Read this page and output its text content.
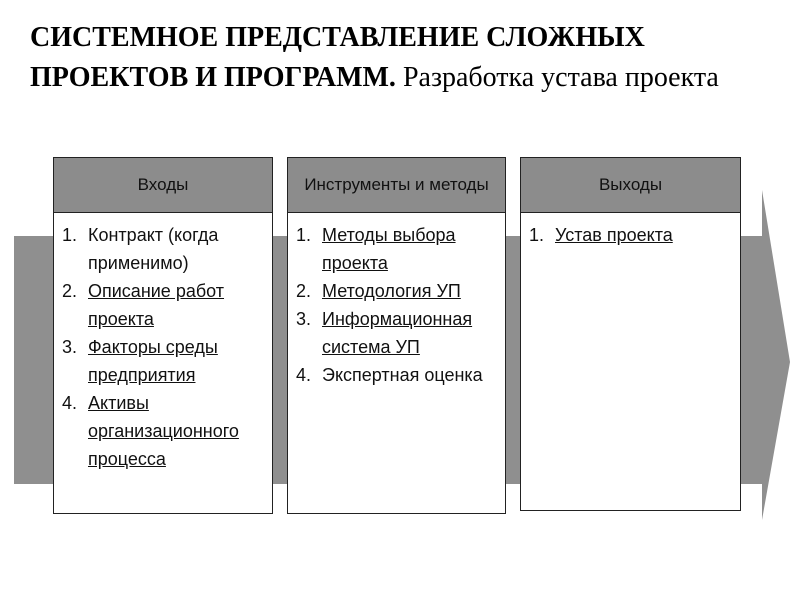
СИСТЕМНОЕ ПРЕДСТАВЛЕНИЕ СЛОЖНЫХ ПРОЕКТОВ И ПРОГРАММ. Разработка устава проекта
Входы
Контракт (когда применимо)
Описание работ проекта
Факторы среды предприятия
Активы организационного процесса
Инструменты и методы
Методы выбора проекта
Методология УП
Информационная система УП
Экспертная оценка
Выходы
Устав проекта
